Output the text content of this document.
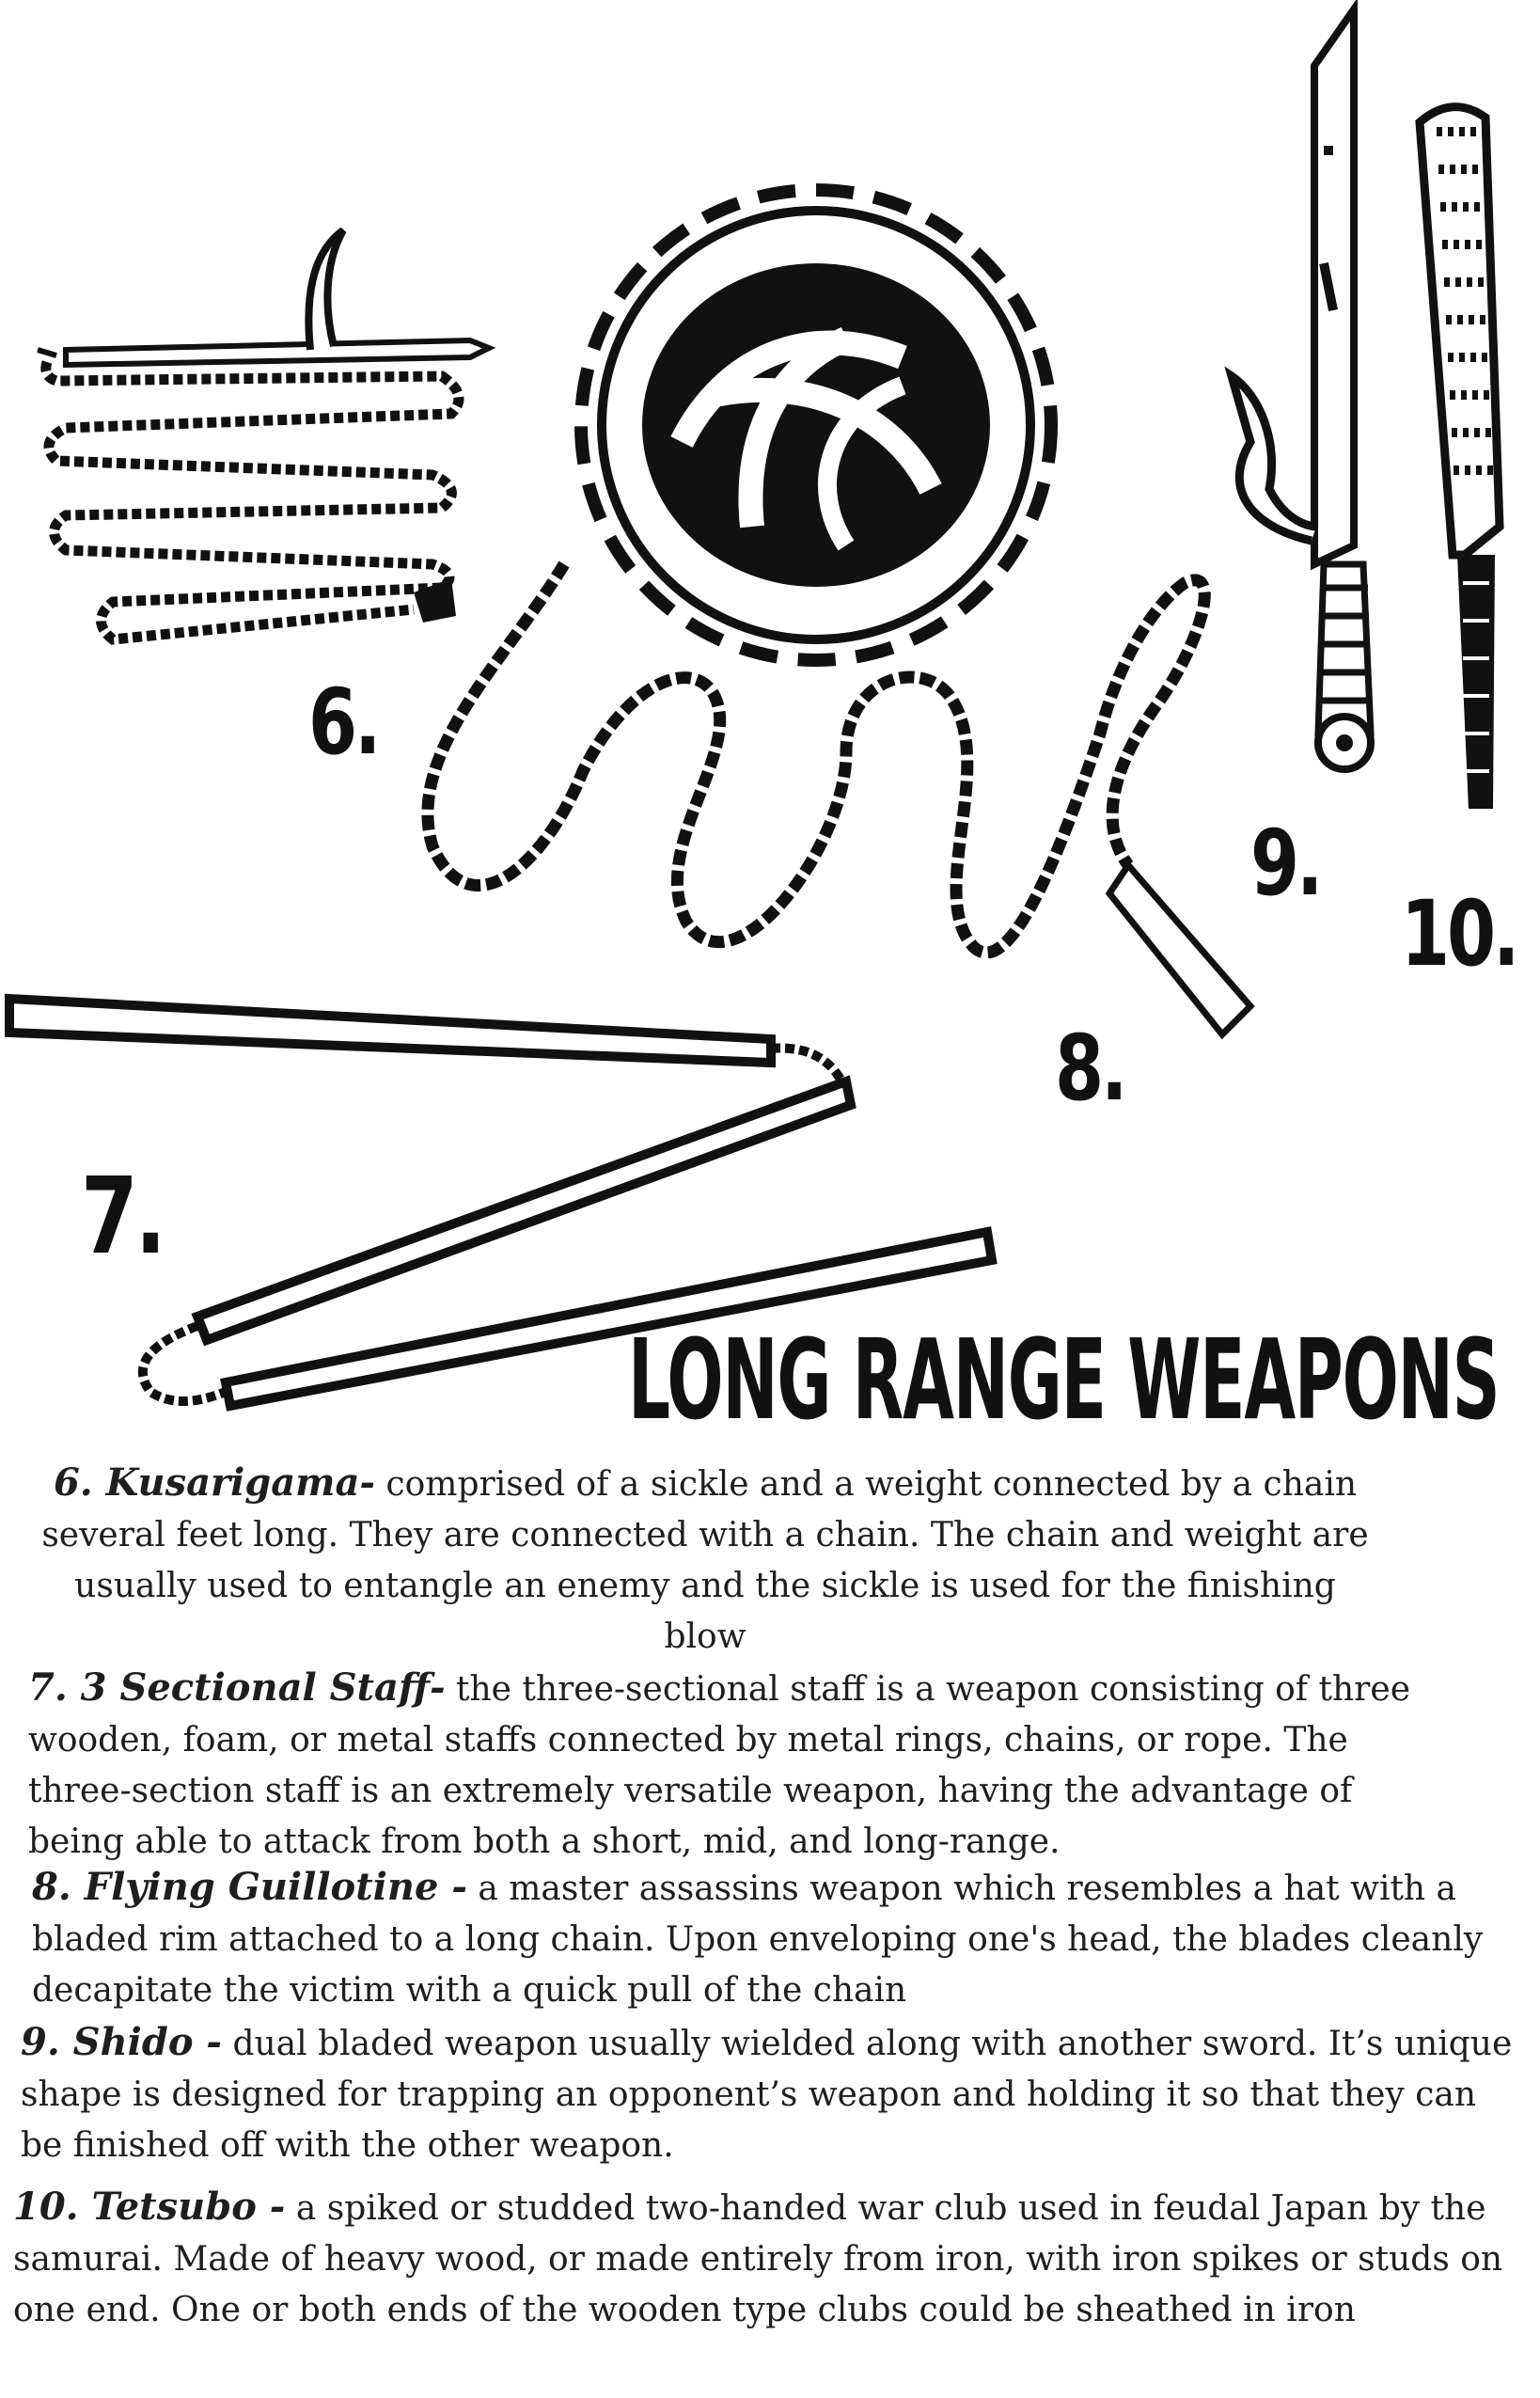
6.
8.
9.
10.
7.
LONG RANGE WEAPONS
6. Kusarigama- comprised of a sickle and a weight connected by a chain several feet long. They are connected with a chain. The chain and weight are usually used to entangle an enemy and the sickle is used for the finishing blow
7. 3 Sectional Staff- the three-sectional staff is a weapon consisting of three wooden, foam, or metal staffs connected by metal rings, chains, or rope. The three-section staff is an extremely versatile weapon, having the advantage of being able to attack from both a short, mid, and long-range.
8. Flying Guillotine - a master assassins weapon which resembles a hat with a bladed rim attached to a long chain. Upon enveloping one's head, the blades cleanly decapitate the victim with a quick pull of the chain
9. Shido - dual bladed weapon usually wielded along with another sword. It’s unique shape is designed for trapping an opponent’s weapon and holding it so that they can be finished off with the other weapon.
10. Tetsubo - a spiked or studded two-handed war club used in feudal Japan by the samurai. Made of heavy wood, or made entirely from iron, with iron spikes or studs on one end. One or both ends of the wooden type clubs could be sheathed in iron
